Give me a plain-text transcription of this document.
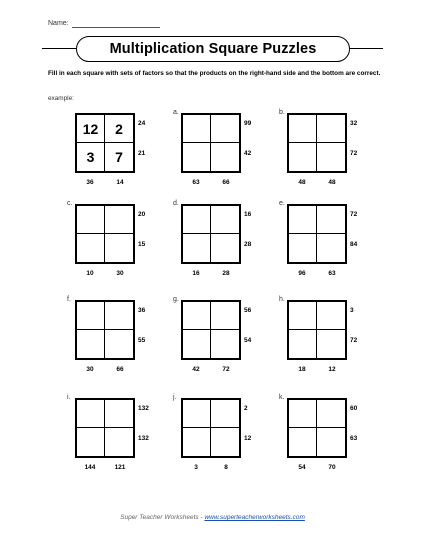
Name:
Multiplication Square Puzzles
Fill in each square with sets of factors so that the products on the right-hand side and the bottom are correct.
example:
12	2
3	7
24
21
36	14
a.
99
42
63	66
b.
32
72
48	48
c.
20
15
10	30
d.
16
28
16	28
e.
72
84
96	63
f.
36
55
30	66
g.
56
54
42	72
h.
3
72
18	12
i.
132
132
144	121
j.
2
12
3	8
k.
60
63
54	70
Super Teacher Worksheets - www.superteacherworksheets.com
